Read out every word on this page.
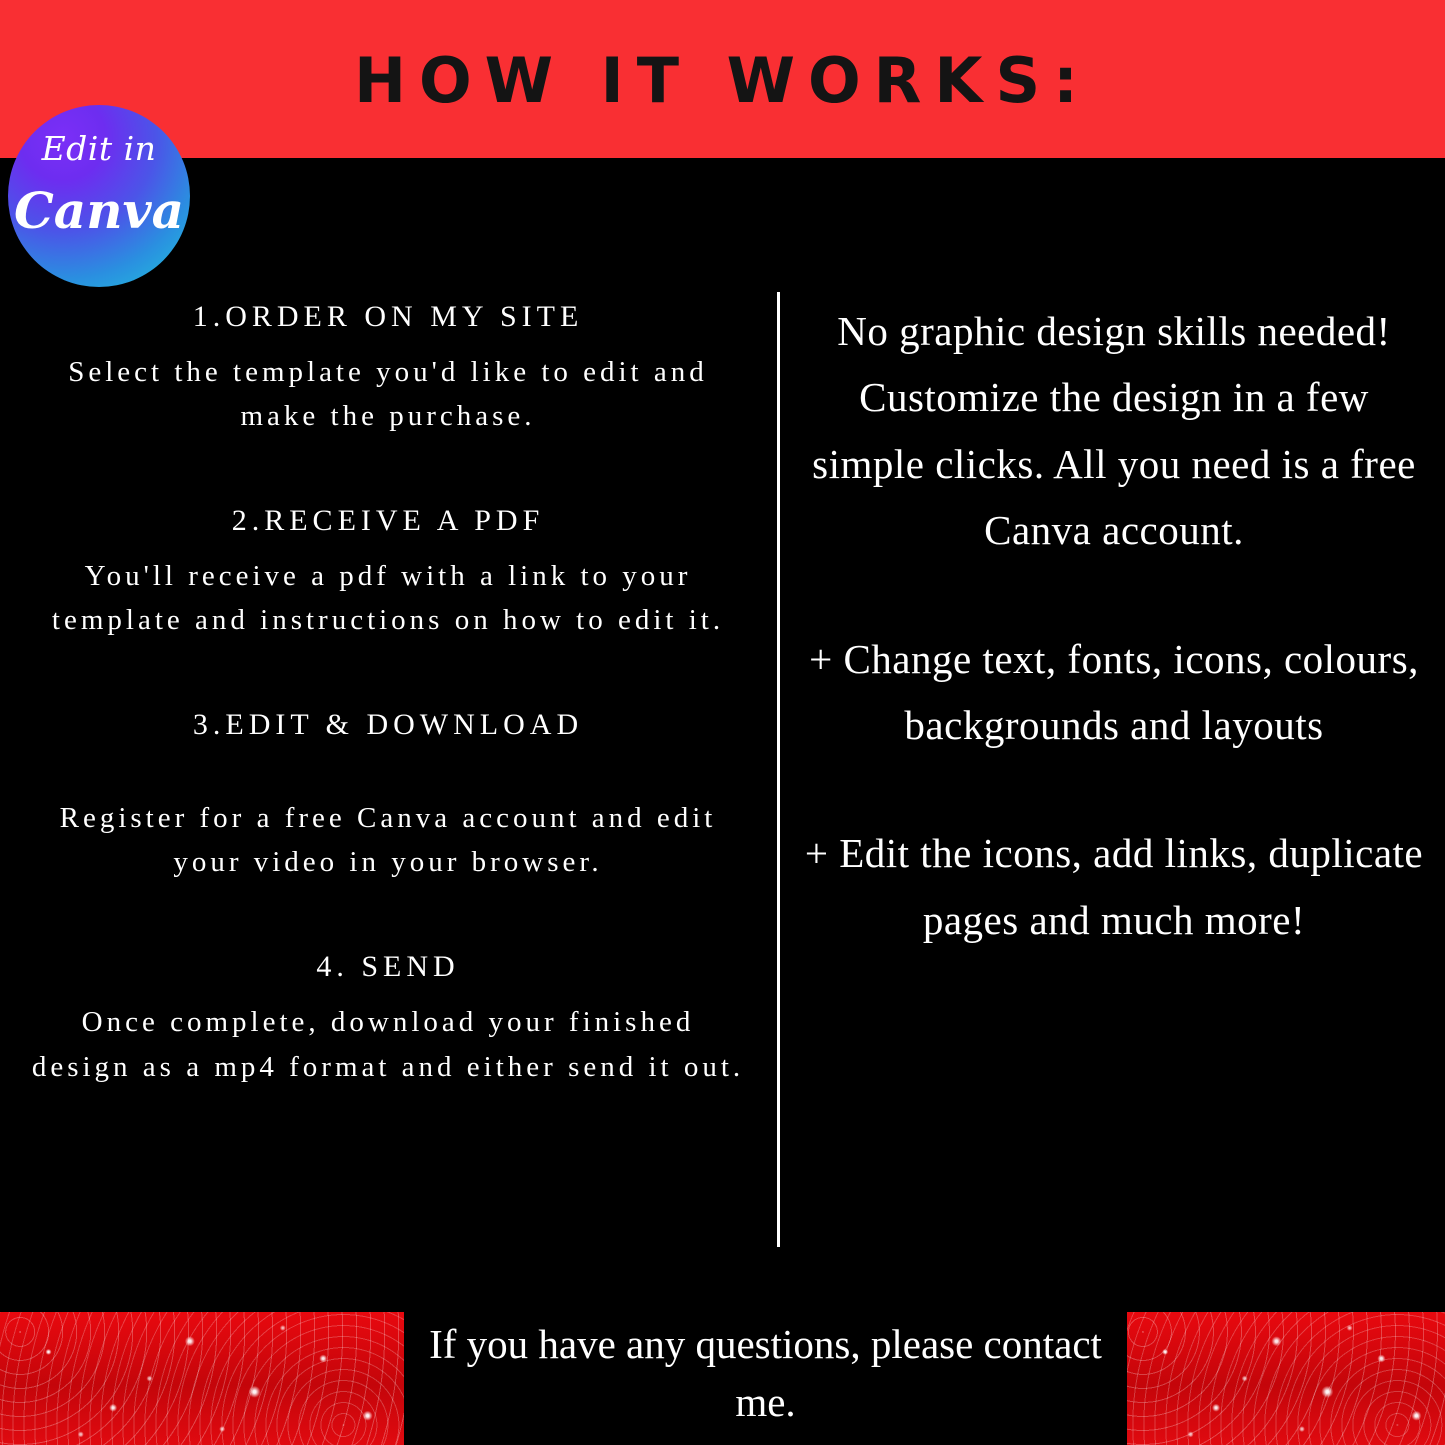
HOW IT WORKS:
Edit in
Canva
1.ORDER ON MY SITE
Select the template you'd like to edit and make the purchase.
2.RECEIVE A PDF
You'll receive a pdf with a link to your template and instructions on how to edit it.
3.EDIT & DOWNLOAD
Register for a free Canva account and edit your video in your browser.
4. SEND
Once complete, download your finished design as a mp4 format and either send it out.
No graphic design skills needed! Customize the design in a few simple clicks. All you need is a free Canva account.
+ Change text, fonts, icons, colours, backgrounds and layouts
+ Edit the icons, add links, duplicate pages and much more!
If you have any questions, please contact me.
